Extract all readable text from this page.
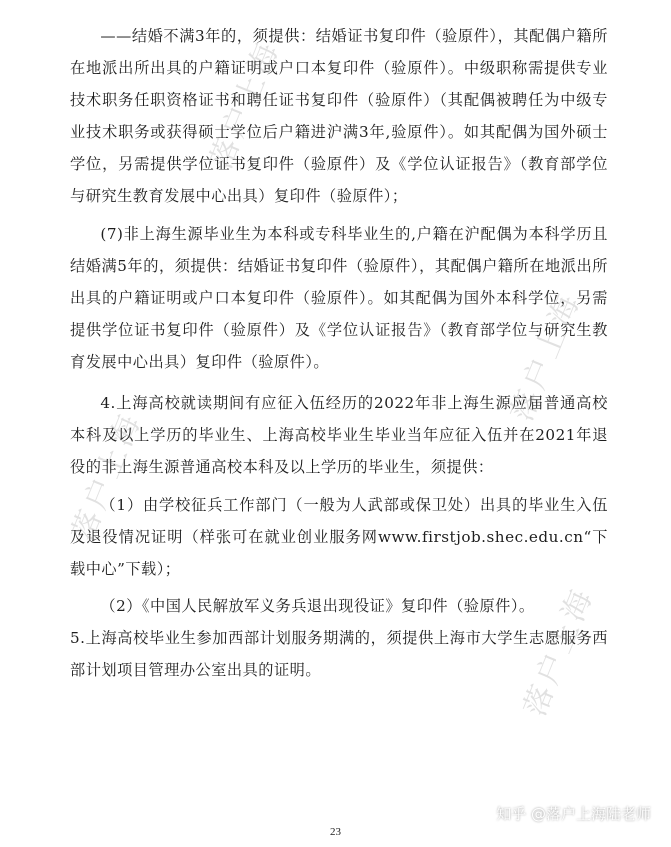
——结婚不满3年的，须提供：结婚证书复印件（验原件），其配偶户籍所在地派出所出具的户籍证明或户口本复印件（验原件）。中级职称需提供专业技术职务任职资格证书和聘任证书复印件（验原件）（其配偶被聘任为中级专业技术职务或获得硕士学位后户籍进沪满3年,验原件）。如其配偶为国外硕士学位，另需提供学位证书复印件（验原件）及《学位认证报告》（教育部学位与研究生教育发展中心出具）复印件（验原件）；

(7)非上海生源毕业生为本科或专科毕业生的,户籍在沪配偶为本科学历且结婚满5年的，须提供：结婚证书复印件（验原件），其配偶户籍所在地派出所出具的户籍证明或户口本复印件（验原件）。如其配偶为国外本科学位，另需提供学位证书复印件（验原件）及《学位认证报告》（教育部学位与研究生教育发展中心出具）复印件（验原件）。

4.上海高校就读期间有应征入伍经历的2022年非上海生源应届普通高校本科及以上学历的毕业生、上海高校毕业生毕业当年应征入伍并在2021年退役的非上海生源普通高校本科及以上学历的毕业生，须提供：

（1）由学校征兵工作部门（一般为人武部或保卫处）出具的毕业生入伍及退役情况证明（样张可在就业创业服务网www.firstjob.shec.edu.cn“下载中心”下载）；

（2）《中国人民解放军义务兵退出现役证》复印件（验原件）。

5.上海高校毕业生参加西部计划服务期满的，须提供上海市大学生志愿服务西部计划项目管理办公室出具的证明。

落户上海
落户上海
落户上海
落户上海
知乎 @落户上海陆老师
23
